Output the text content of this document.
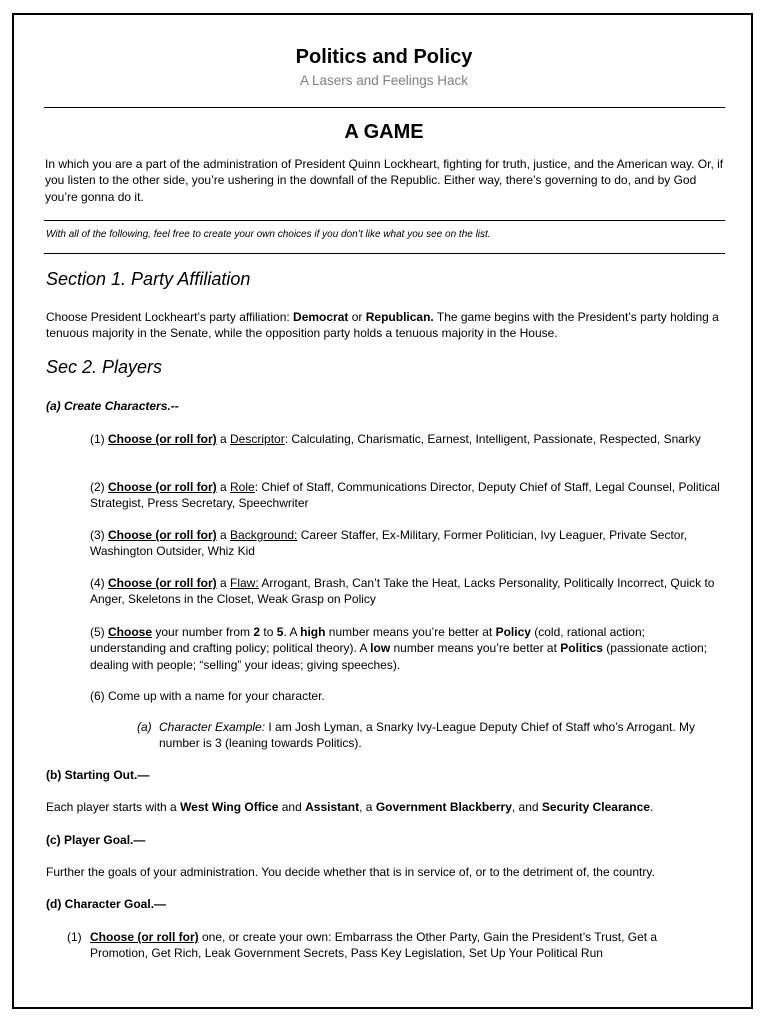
Politics and Policy
A Lasers and Feelings Hack
A GAME
In which you are a part of the administration of President Quinn Lockheart, fighting for truth, justice, and the American way. Or, if you listen to the other side, you’re ushering in the downfall of the Republic. Either way, there’s governing to do, and by God you’re gonna do it.
With all of the following, feel free to create your own choices if you don’t like what you see on the list.
Section 1. Party Affiliation
Choose President Lockheart’s party affiliation: Democrat or Republican. The game begins with the President’s party holding a tenuous majority in the Senate, while the opposition party holds a tenuous majority in the House.
Sec 2. Players
(a) Create Characters.--
(1) Choose (or roll for) a Descriptor: Calculating, Charismatic, Earnest, Intelligent, Passionate, Respected, Snarky
(2) Choose (or roll for) a Role: Chief of Staff, Communications Director, Deputy Chief of Staff, Legal Counsel, Political Strategist, Press Secretary, Speechwriter
(3) Choose (or roll for) a Background: Career Staffer, Ex-Military, Former Politician, Ivy Leaguer, Private Sector, Washington Outsider, Whiz Kid
(4) Choose (or roll for) a Flaw: Arrogant, Brash, Can’t Take the Heat, Lacks Personality, Politically Incorrect, Quick to Anger, Skeletons in the Closet, Weak Grasp on Policy
(5) Choose your number from 2 to 5. A high number means you’re better at Policy (cold, rational action; understanding and crafting policy; political theory). A low number means you’re better at Politics (passionate action; dealing with people; “selling” your ideas; giving speeches).
(6) Come up with a name for your character.
(a) Character Example: I am Josh Lyman, a Snarky Ivy-League Deputy Chief of Staff who’s Arrogant. My
number is 3 (leaning towards Politics).
(b) Starting Out.—
Each player starts with a West Wing Office and Assistant, a Government Blackberry, and Security Clearance.
(c) Player Goal.—
Further the goals of your administration. You decide whether that is in service of, or to the detriment of, the country.
(d) Character Goal.—
(1) Choose (or roll for) one, or create your own: Embarrass the Other Party, Gain the President’s Trust, Get a
Promotion, Get Rich, Leak Government Secrets, Pass Key Legislation, Set Up Your Political Run
